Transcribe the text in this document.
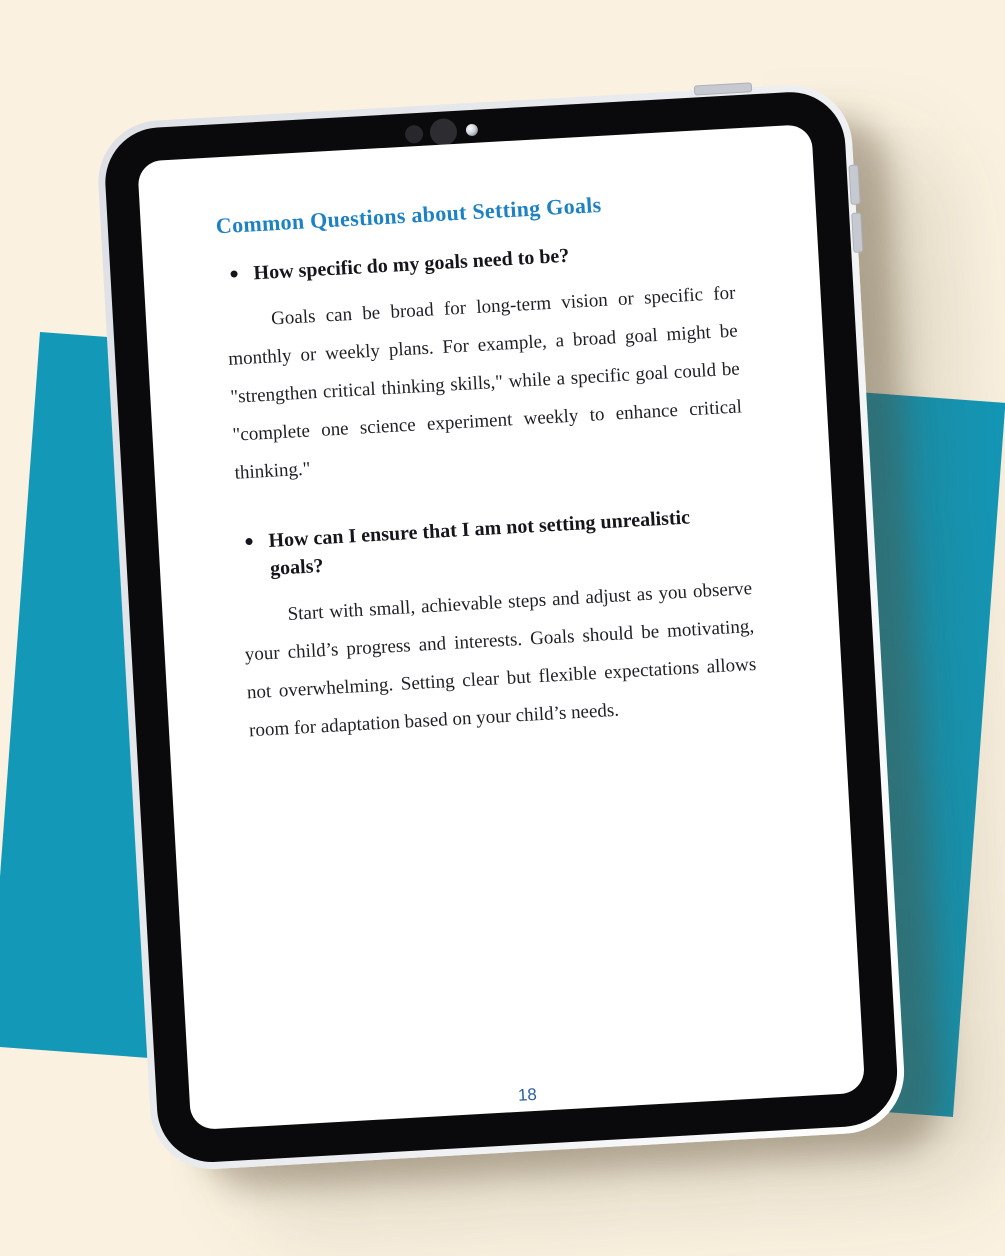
Common Questions about Setting Goals

How specific do my goals need to be?

Goals can be broad for long-term vision or specific for monthly or weekly plans. For example, a broad goal might be "strengthen critical thinking skills," while a specific goal could be "complete one science experiment weekly to enhance critical thinking."

How can I ensure that I am not setting unrealistic goals?

Start with small, achievable steps and adjust as you observe your child’s progress and interests. Goals should be motivating, not overwhelming. Setting clear but flexible expectations allows room for adaptation based on your child’s needs.

18
